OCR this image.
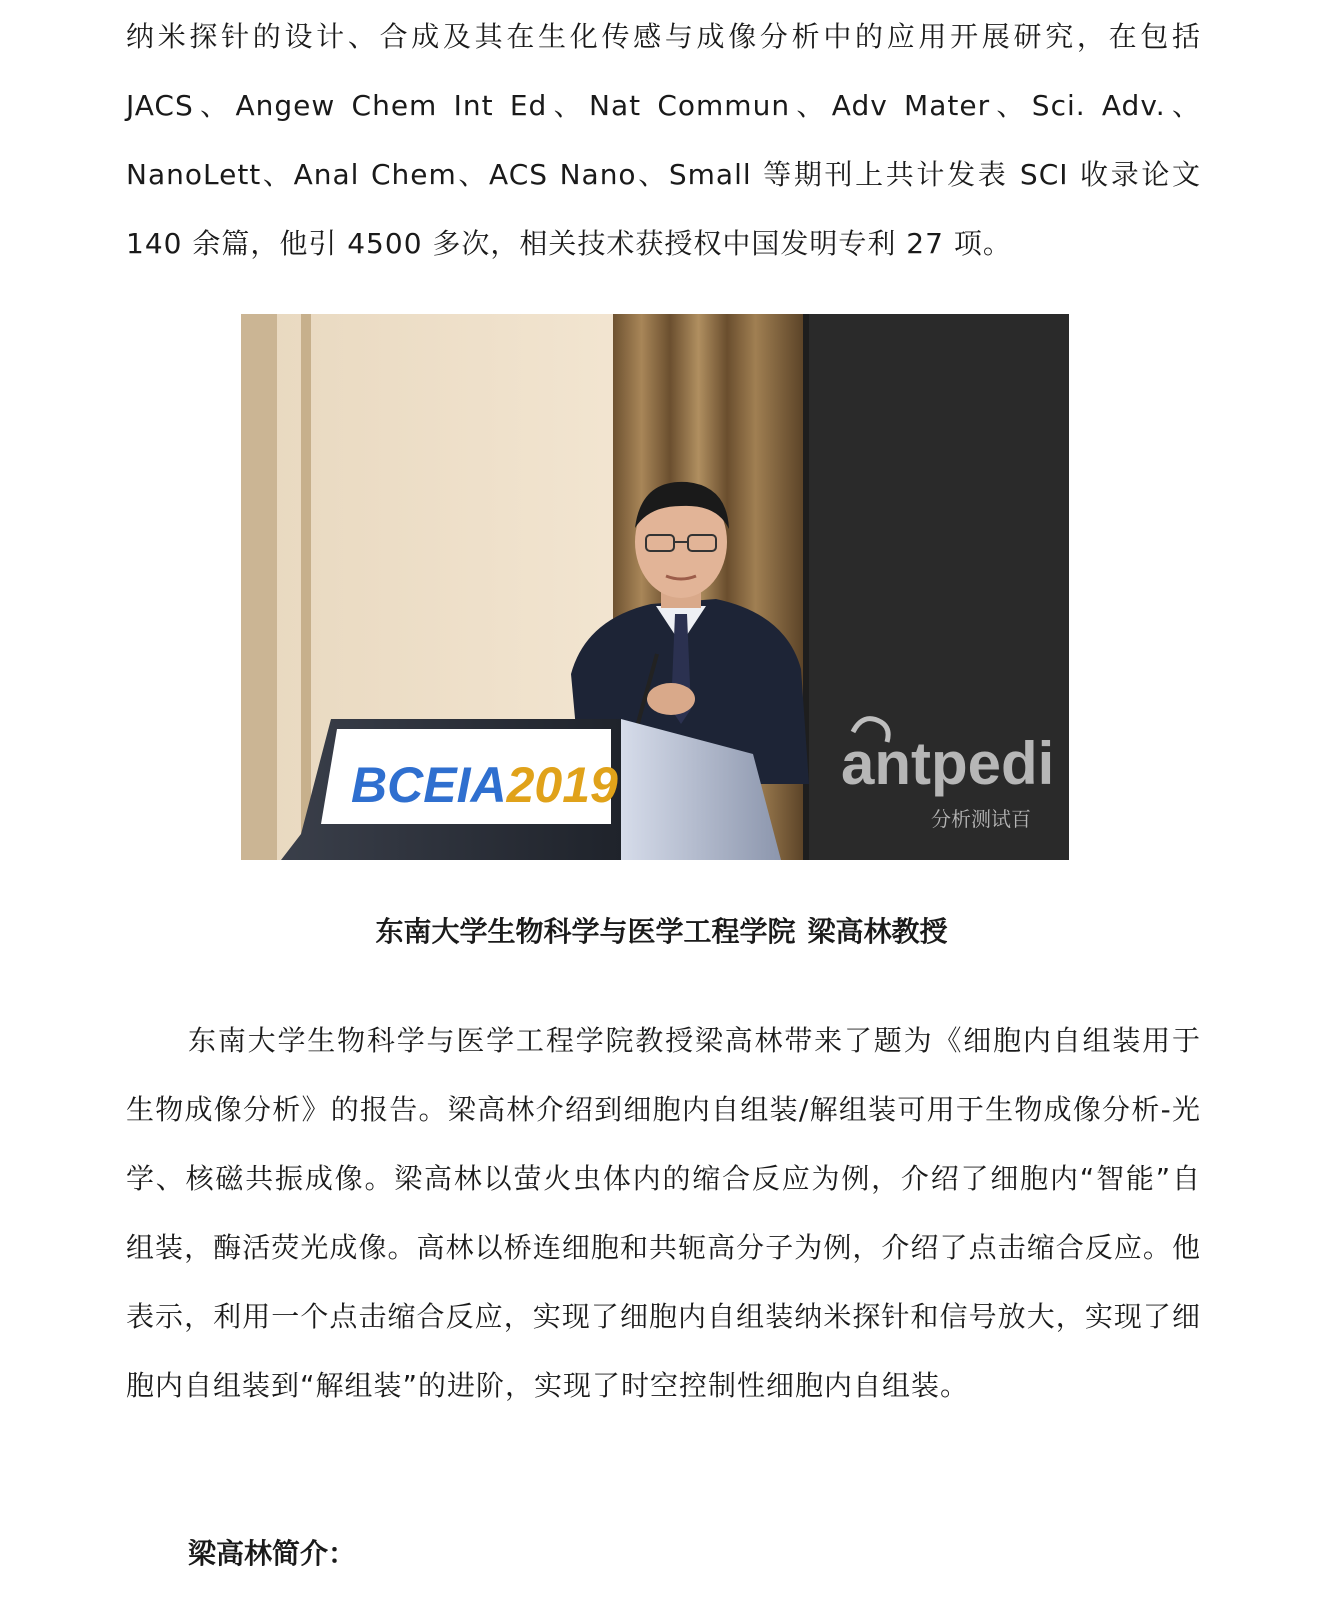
纳米探针的设计、合成及其在生化传感与成像分析中的应用开展研究，在包括JACS、Angew Chem Int Ed、Nat Commun、Adv Mater、Sci. Adv.、NanoLett、Anal Chem、ACS Nano、Small 等期刊上共计发表 SCI 收录论文 140 余篇，他引 4500 多次，相关技术获授权中国发明专利 27 项。

BCEIA2019	antpedi
分析测试百
东南大学生物科学与医学工程学院 梁高林教授

东南大学生物科学与医学工程学院教授梁高林带来了题为《细胞内自组装用于生物成像分析》的报告。梁高林介绍到细胞内自组装/解组装可用于生物成像分析-光学、核磁共振成像。梁高林以萤火虫体内的缩合反应为例，介绍了细胞内“智能”自组装，酶活荧光成像。高林以桥连细胞和共轭高分子为例，介绍了点击缩合反应。他表示，利用一个点击缩合反应，实现了细胞内自组装纳米探针和信号放大，实现了细胞内自组装到“解组装”的进阶，实现了时空控制性细胞内自组装。

梁高林简介：
